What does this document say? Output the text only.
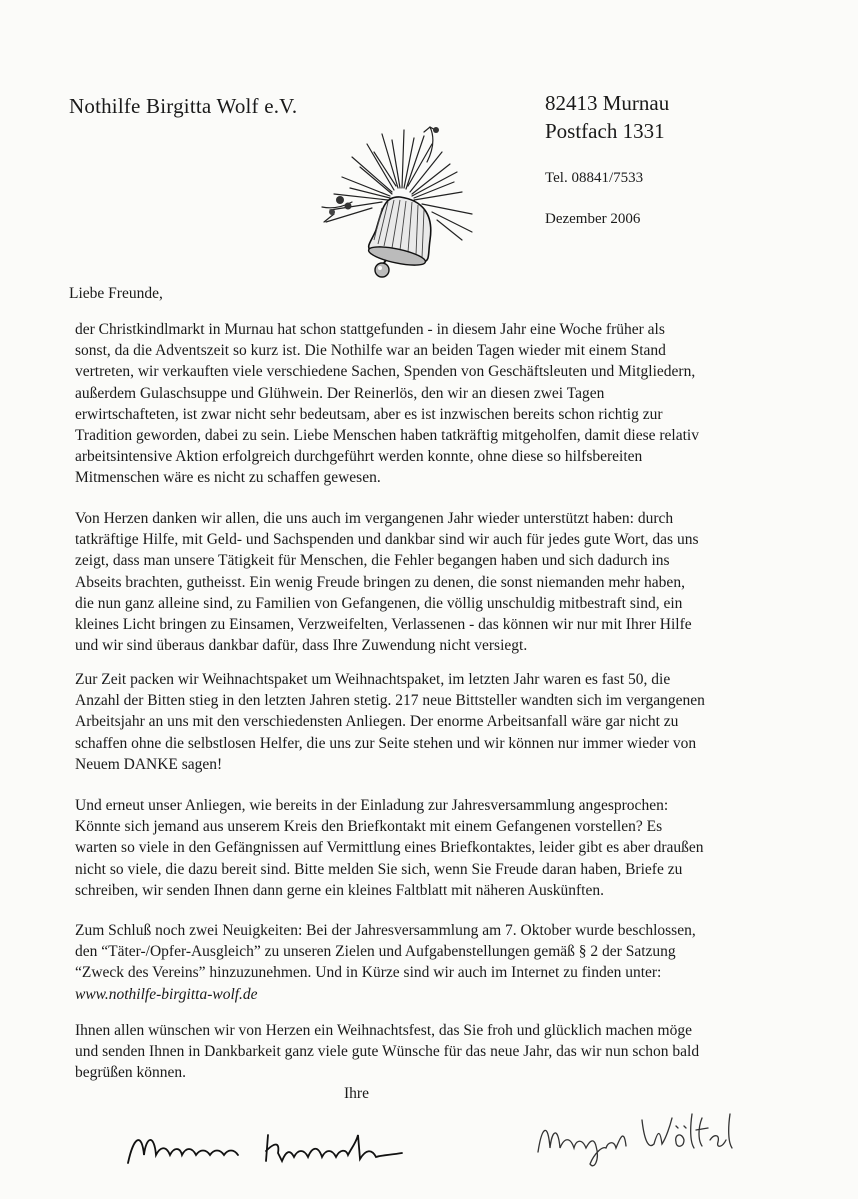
Nothilfe Birgitta Wolf e.V.	82413 Murnau
Postfach 1331
Tel. 08841/7533
Dezember 2006
Liebe Freunde,

der Christkindlmarkt in Murnau hat schon stattgefunden - in diesem Jahr eine Woche früher als
sonst, da die Adventszeit so kurz ist. Die Nothilfe war an beiden Tagen wieder mit einem Stand
vertreten, wir verkauften viele verschiedene Sachen, Spenden von Geschäftsleuten und Mitgliedern,
außerdem Gulaschsuppe und Glühwein. Der Reinerlös, den wir an diesen zwei Tagen
erwirtschafteten, ist zwar nicht sehr bedeutsam, aber es ist inzwischen bereits schon richtig zur
Tradition geworden, dabei zu sein. Liebe Menschen haben tatkräftig mitgeholfen, damit diese relativ
arbeitsintensive Aktion erfolgreich durchgeführt werden konnte, ohne diese so hilfsbereiten
Mitmenschen wäre es nicht zu schaffen gewesen.

Von Herzen danken wir allen, die uns auch im vergangenen Jahr wieder unterstützt haben: durch
tatkräftige Hilfe, mit Geld- und Sachspenden und dankbar sind wir auch für jedes gute Wort, das uns
zeigt, dass man unsere Tätigkeit für Menschen, die Fehler begangen haben und sich dadurch ins
Abseits brachten, gutheisst. Ein wenig Freude bringen zu denen, die sonst niemanden mehr haben,
die nun ganz alleine sind, zu Familien von Gefangenen, die völlig unschuldig mitbestraft sind, ein
kleines Licht bringen zu Einsamen, Verzweifelten, Verlassenen - das können wir nur mit Ihrer Hilfe
und wir sind überaus dankbar dafür, dass Ihre Zuwendung nicht versiegt.

Zur Zeit packen wir Weihnachtspaket um Weihnachtspaket, im letzten Jahr waren es fast 50, die
Anzahl der Bitten stieg in den letzten Jahren stetig. 217 neue Bittsteller wandten sich im vergangenen
Arbeitsjahr an uns mit den verschiedensten Anliegen. Der enorme Arbeitsanfall wäre gar nicht zu
schaffen ohne die selbstlosen Helfer, die uns zur Seite stehen und wir können nur immer wieder von
Neuem DANKE sagen!

Und erneut unser Anliegen, wie bereits in der Einladung zur Jahresversammlung angesprochen:
Könnte sich jemand aus unserem Kreis den Briefkontakt mit einem Gefangenen vorstellen? Es
warten so viele in den Gefängnissen auf Vermittlung eines Briefkontaktes, leider gibt es aber draußen
nicht so viele, die dazu bereit sind. Bitte melden Sie sich, wenn Sie Freude daran haben, Briefe zu
schreiben, wir senden Ihnen dann gerne ein kleines Faltblatt mit näheren Auskünften.

Zum Schluß noch zwei Neuigkeiten: Bei der Jahresversammlung am 7. Oktober wurde beschlossen,
den “Täter-/Opfer-Ausgleich” zu unseren Zielen und Aufgabenstellungen gemäß § 2 der Satzung
“Zweck des Vereins” hinzuzunehmen. Und in Kürze sind wir auch im Internet zu finden unter:
www.nothilfe-birgitta-wolf.de

Ihnen allen wünschen wir von Herzen ein Weihnachtsfest, das Sie froh und glücklich machen möge
und senden Ihnen in Dankbarkeit ganz viele gute Wünsche für das neue Jahr, das wir nun schon bald
begrüßen können.

Ihre
